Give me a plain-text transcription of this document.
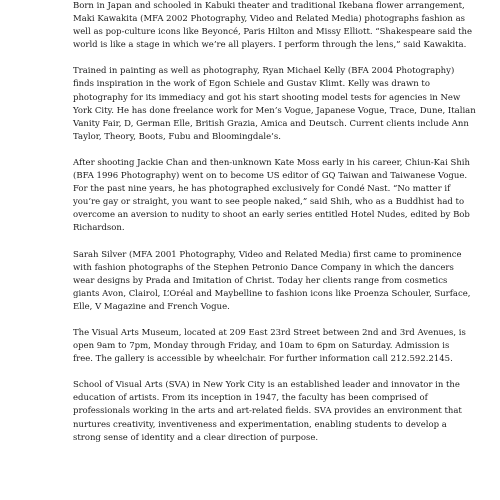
Born in Japan and schooled in Kabuki theater and traditional Ikebana flower arrangement,
Maki Kawakita (MFA 2002 Photography, Video and Related Media) photographs fashion as
well as pop-culture icons like Beyoncé, Paris Hilton and Missy Elliott. “Shakespeare said the
world is like a stage in which we’re all players. I perform through the lens,” said Kawakita.

Trained in painting as well as photography, Ryan Michael Kelly (BFA 2004 Photography)
finds inspiration in the work of Egon Schiele and Gustav Klimt. Kelly was drawn to
photography for its immediacy and got his start shooting model tests for agencies in New
York City. He has done freelance work for Men’s Vogue, Japanese Vogue, Trace, Dune, Italian
Vanity Fair, D, German Elle, British Grazia, Amica and Deutsch. Current clients include Ann
Taylor, Theory, Boots, Fubu and Bloomingdale’s.

After shooting Jackie Chan and then-unknown Kate Moss early in his career, Chiun-Kai Shih
(BFA 1996 Photography) went on to become US editor of GQ Taiwan and Taiwanese Vogue.
For the past nine years, he has photographed exclusively for Condé Nast. “No matter if
you’re gay or straight, you want to see people naked,” said Shih, who as a Buddhist had to
overcome an aversion to nudity to shoot an early series entitled Hotel Nudes, edited by Bob
Richardson.

Sarah Silver (MFA 2001 Photography, Video and Related Media) first came to prominence
with fashion photographs of the Stephen Petronio Dance Company in which the dancers
wear designs by Prada and Imitation of Christ. Today her clients range from cosmetics
giants Avon, Clairol, L’Oréal and Maybelline to fashion icons like Proenza Schouler, Surface,
Elle, V Magazine and French Vogue.

The Visual Arts Museum, located at 209 East 23rd Street between 2nd and 3rd Avenues, is
open 9am to 7pm, Monday through Friday, and 10am to 6pm on Saturday. Admission is
free. The gallery is accessible by wheelchair. For further information call 212.592.2145.

School of Visual Arts (SVA) in New York City is an established leader and innovator in the
education of artists. From its inception in 1947, the faculty has been comprised of
professionals working in the arts and art-related fields. SVA provides an environment that
nurtures creativity, inventiveness and experimentation, enabling students to develop a
strong sense of identity and a clear direction of purpose.
